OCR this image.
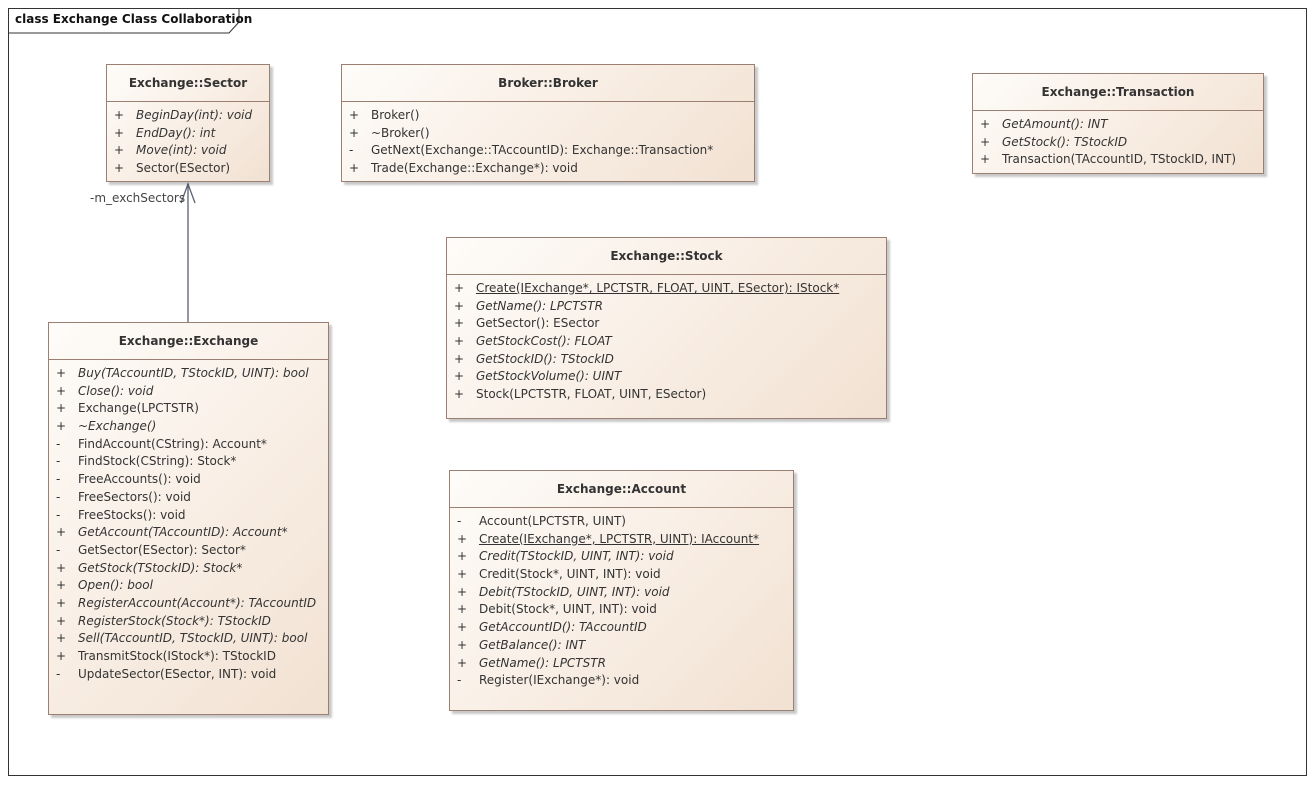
class Exchange Class Collaboration
-m_exchSectors
Exchange::Sector
+ BeginDay(int): void
+ EndDay(): int
+ Move(int): void
+ Sector(ESector)
Broker::Broker
+ Broker()
+ ~Broker()
-	GetNext(Exchange::TAccountID): Exchange::Transaction*
+ Trade(Exchange::Exchange*): void
Exchange::Transaction
+ GetAmount(): INT
+ GetStock(): TStockID
+ Transaction(TAccountID, TStockID, INT)
Exchange::Stock
+ Create(IExchange*, LPCTSTR, FLOAT, UINT, ESector): IStock*
+ GetName(): LPCTSTR
+ GetSector(): ESector
+ GetStockCost(): FLOAT
+ GetStockID(): TStockID
+ GetStockVolume(): UINT
+ Stock(LPCTSTR, FLOAT, UINT, ESector)
Exchange::Exchange
+ Buy(TAccountID, TStockID, UINT): bool
+ Close(): void
+ Exchange(LPCTSTR)
+ ~Exchange()
-	FindAccount(CString): Account*
-	FindStock(CString): Stock*
-	FreeAccounts(): void
-	FreeSectors(): void
-	FreeStocks(): void
+ GetAccount(TAccountID): Account*
-	GetSector(ESector): Sector*
+ GetStock(TStockID): Stock*
+ Open(): bool
+ RegisterAccount(Account*): TAccountID
+ RegisterStock(Stock*): TStockID
+ Sell(TAccountID, TStockID, UINT): bool
+ TransmitStock(IStock*): TStockID
-	UpdateSector(ESector, INT): void
Exchange::Account
-	Account(LPCTSTR, UINT)
+ Create(IExchange*, LPCTSTR, UINT): IAccount*
+ Credit(TStockID, UINT, INT): void
+ Credit(Stock*, UINT, INT): void
+ Debit(TStockID, UINT, INT): void
+ Debit(Stock*, UINT, INT): void
+ GetAccountID(): TAccountID
+ GetBalance(): INT
+ GetName(): LPCTSTR
-	Register(IExchange*): void
